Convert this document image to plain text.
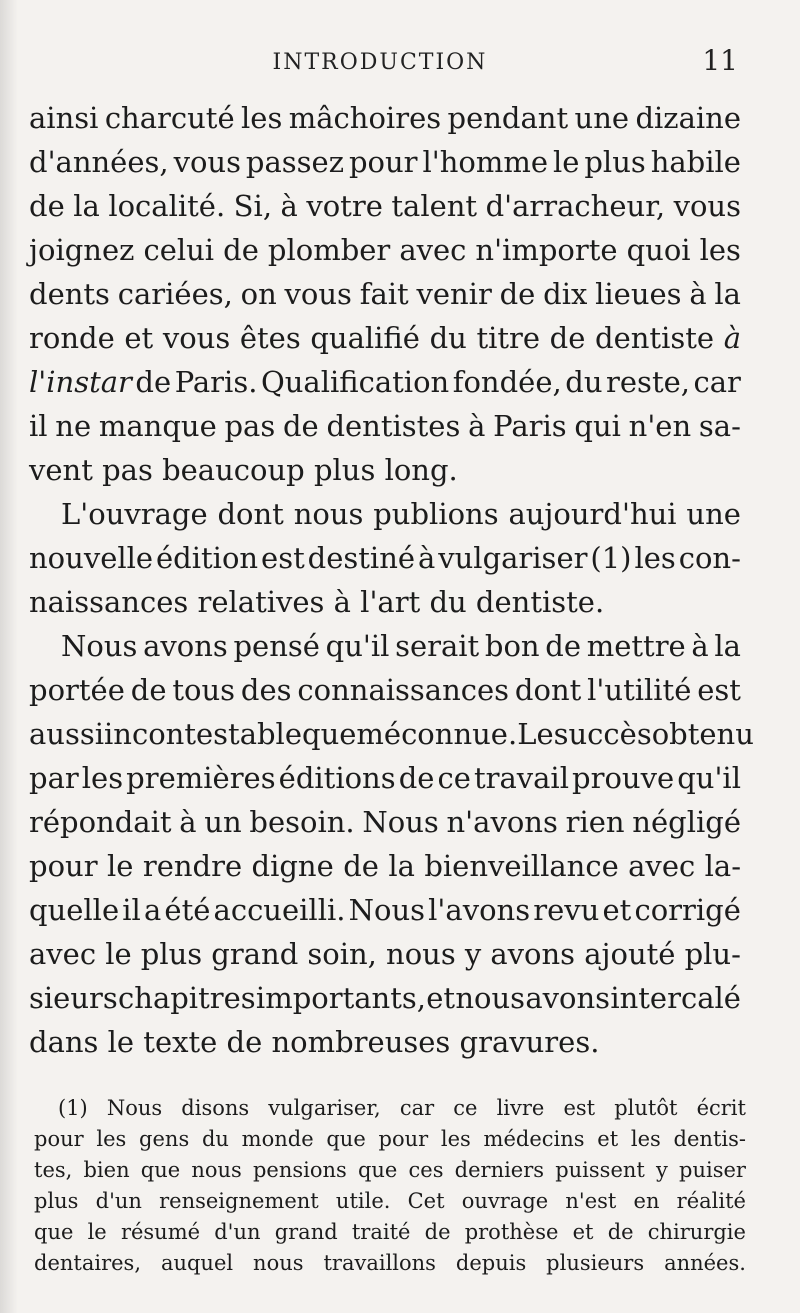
INTRODUCTION	11
ainsi charcuté les mâchoires pendant une dizaine
d'années, vous passez pour l'homme le plus habile
de la localité. Si, à votre talent d'arracheur, vous
joignez celui de plomber avec n'importe quoi les
dents cariées, on vous fait venir de dix lieues à la
ronde et vous êtes qualifié du titre de dentiste à
l'instar de Paris. Qualification fondée, du reste, car
il ne manque pas de dentistes à Paris qui n'en sa-
vent
pas
beaucoup
plus
long.
L'ouvrage dont nous publions aujourd'hui une
nouvelle édition est destiné à vulgariser (1) les con-
naissances
relatives
à
l'art
du
dentiste.
Nous avons pensé qu'il serait bon de mettre à la
portée de tous des connaissances dont l'utilité est
aussi incontestable que méconnue. Le succès obtenu
par les premières éditions de ce travail prouve qu'il
répondait à un besoin. Nous n'avons rien négligé
pour le rendre digne de la bienveillance avec la-
quelle il a été accueilli. Nous l'avons revu et corrigé
avec le plus grand soin, nous y avons ajouté plu-
sieurs chapitres importants, et nous avons intercalé
dans
le
texte
de
nombreuses
gravures.
(1) Nous disons vulgariser, car ce livre est plutôt écrit
pour les gens du monde que pour les médecins et les dentis-
tes, bien que nous pensions que ces derniers puissent y puiser
plus d'un renseignement utile. Cet ouvrage n'est en réalité
que le résumé d'un grand traité de prothèse et de chirurgie
dentaires, auquel nous travaillons depuis plusieurs années.
